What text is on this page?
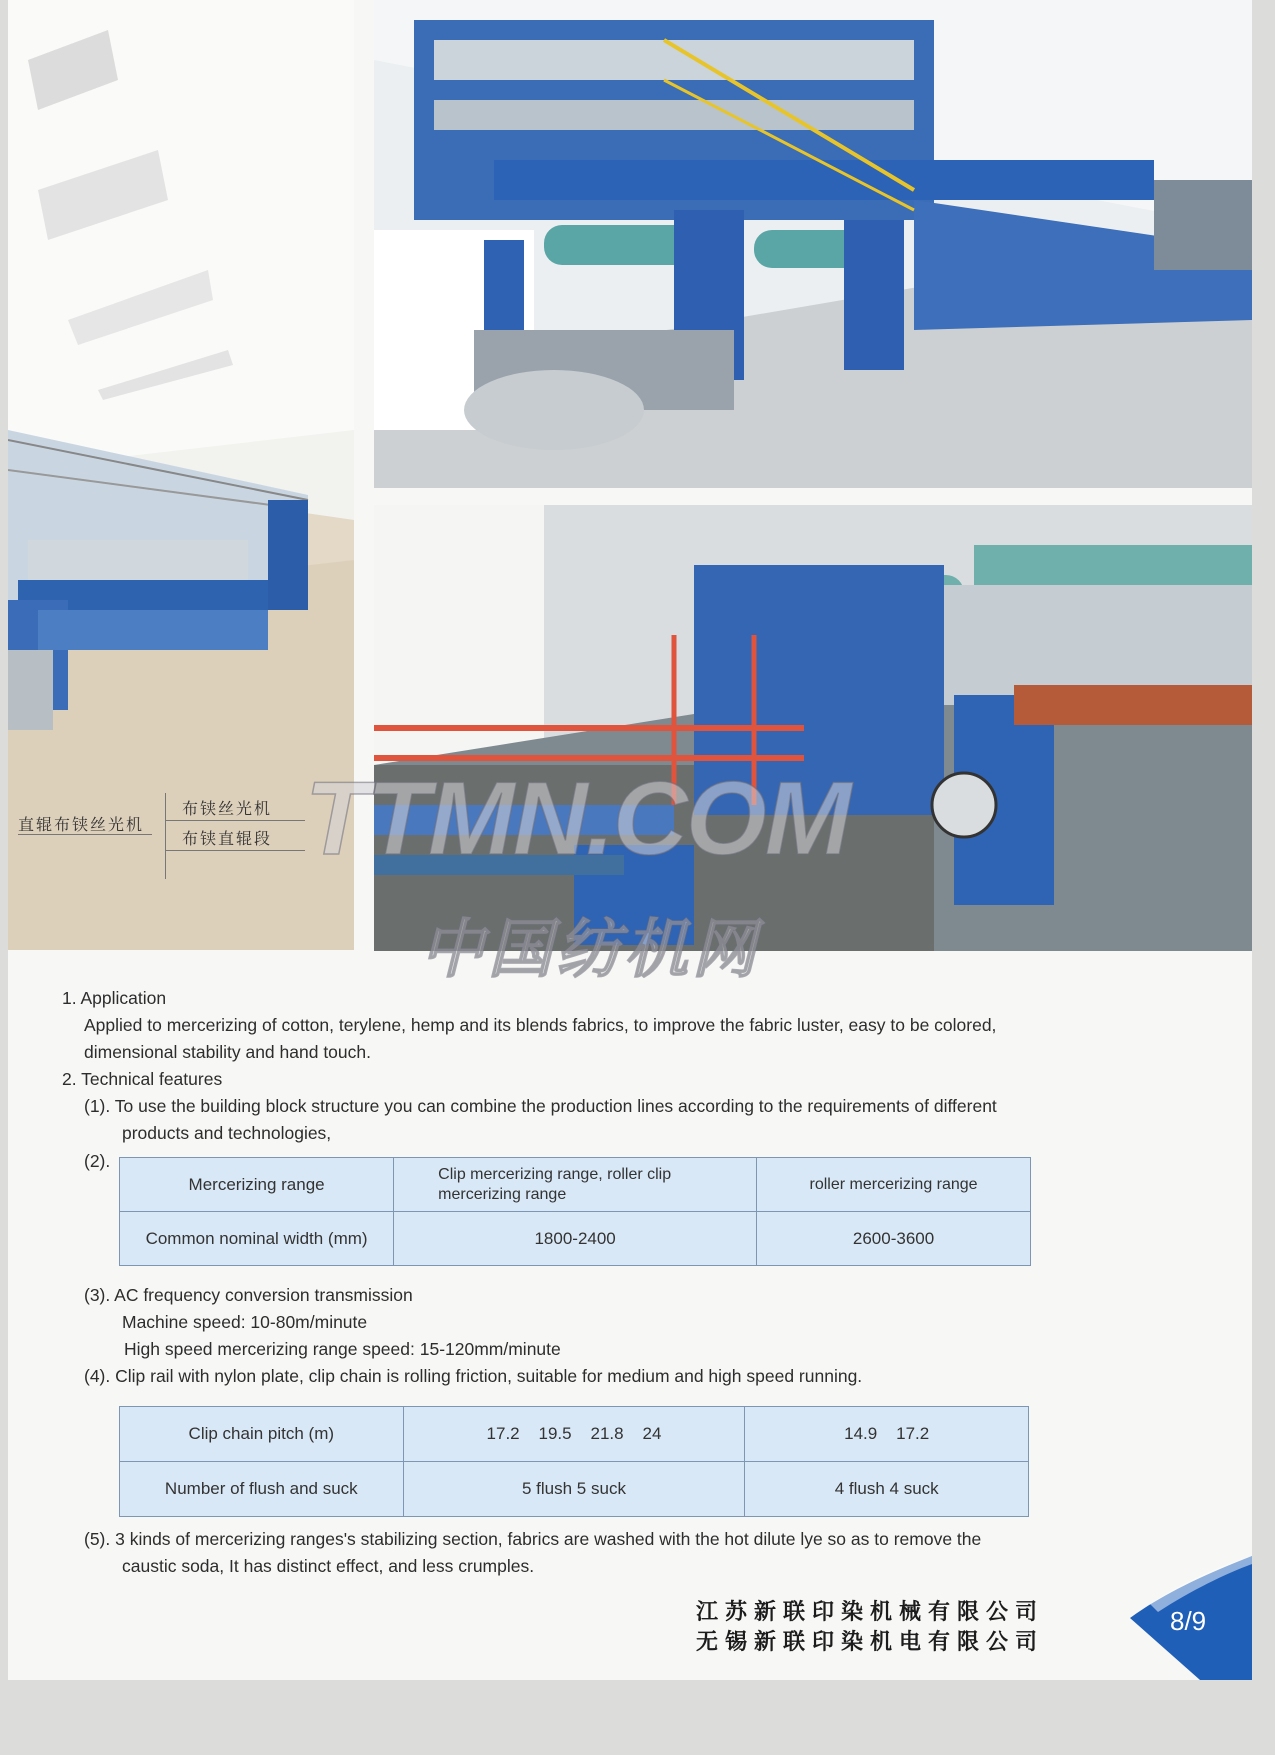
直辊布铗丝光机
布铗丝光机
布铗直辊段 TTMN.COM
中国纺机网
1. Application
Applied to mercerizing of cotton, terylene, hemp and its blends fabrics, to improve the fabric luster, easy to be colored,
dimensional stability and hand touch.
2. Technical features
(1). To use the building block structure you can combine the production lines according to the requirements of different
products and technologies,
(2).
Mercerizing range	Clip mercerizing range, roller clip mercerizing range	roller mercerizing range
Common nominal width (mm)	1800-2400	2600-3600
(3). AC frequency conversion transmission
Machine speed: 10-80m/minute
High speed mercerizing range speed: 15-120mm/minute
(4). Clip rail with nylon plate, clip chain is rolling friction, suitable for medium and high speed running.
Clip chain pitch (m)	17.2    19.5    21.8    24	14.9    17.2
Number of flush and suck	5 flush 5 suck	4 flush 4 suck
(5). 3 kinds of mercerizing ranges's stabilizing section, fabrics are washed with the hot dilute lye so as to remove the
caustic soda, It has distinct effect, and less crumples.
江苏新联印染机械有限公司
无锡新联印染机电有限公司
8/9
